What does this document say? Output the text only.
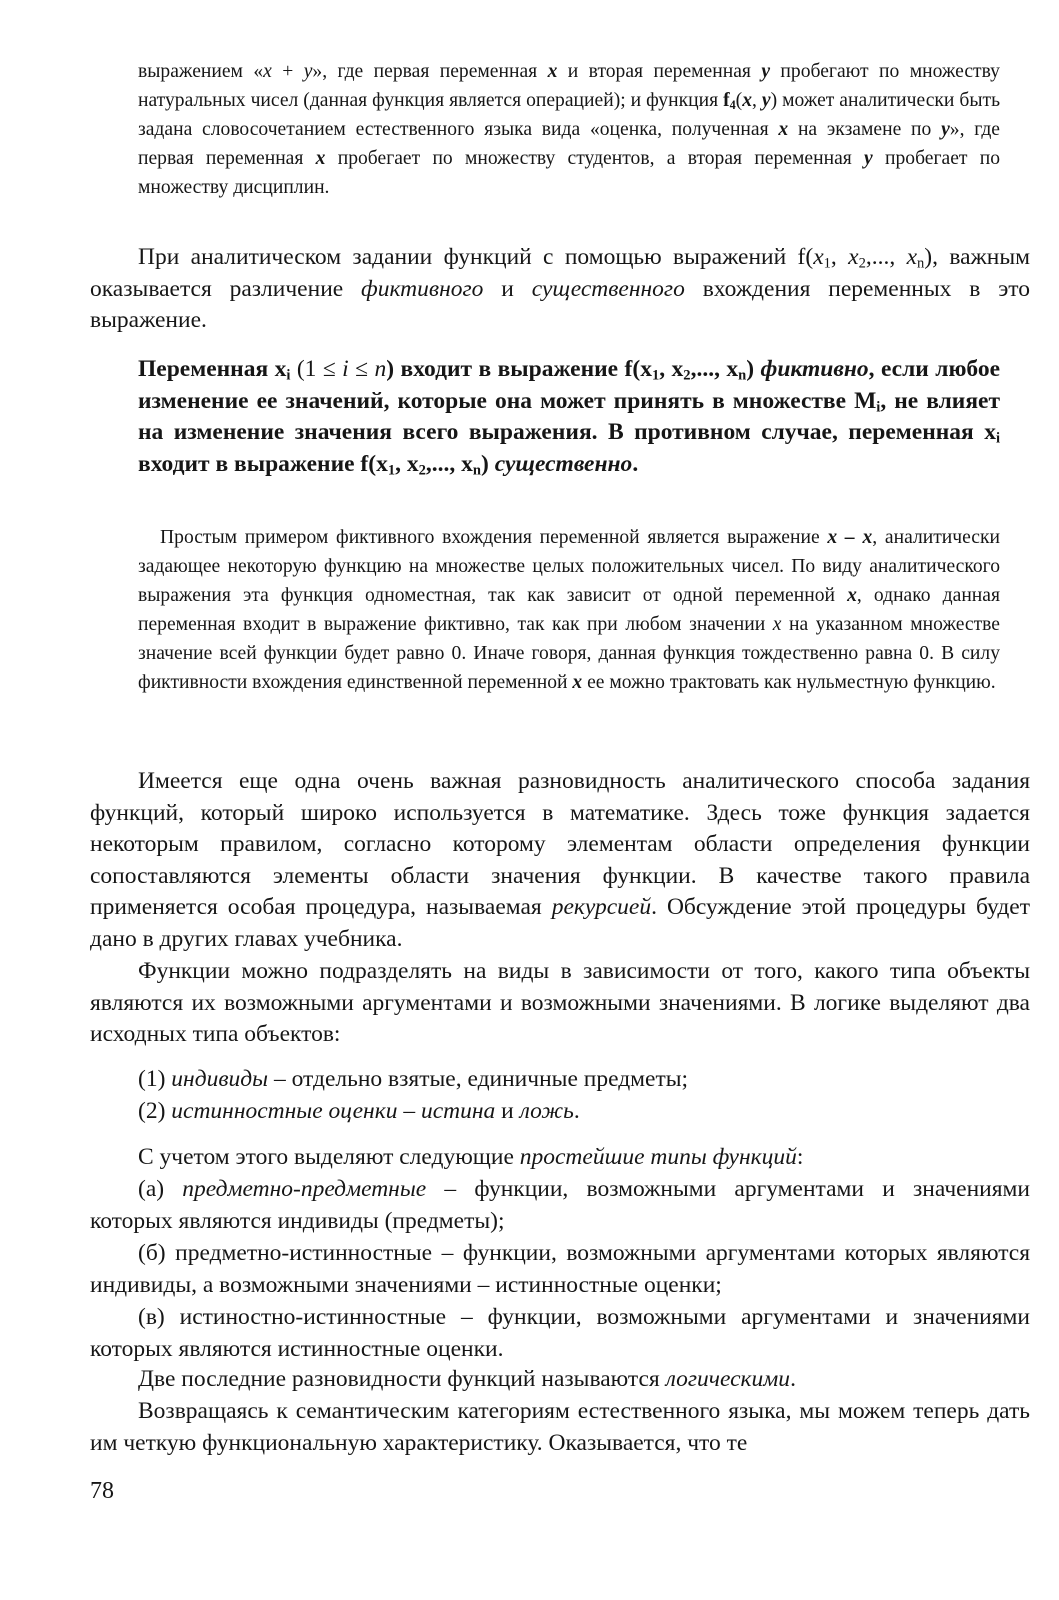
выражением «x + y», где первая переменная x и вторая переменная y пробегают по множеству натуральных чисел (данная функция является операцией); и функция $f_4(x$, y) может аналитически быть задана словосочетанием естественного языка вида «оценка, полученная x на экзамене по y», где первая переменная x пробегает по множеству студентов, а вторая переменная y пробегает по множеству дисциплин.
При аналитическом задании функций с помощью выражений $f(x_1$, $x_2$,..., $x_n$), важным оказывается различение фиктивного и существенного вхождения переменных в это выражение.
Переменная $x_i$ (1 ≤ i ≤ n) входит в выражение $f(x_1$, $x_2$,..., $x_n$) фиктивно, если любое изменение ее значений, которые она может принять в множестве $M_i$, не влияет на изменение значения всего выражения. В противном случае, переменная $x_i$ входит в выражение $f(x_1$, $x_2$,..., $x_n$) существенно.
Простым примером фиктивного вхождения переменной является выражение x – x, аналитически задающее некоторую функцию на множестве целых положительных чисел. По виду аналитического выражения эта функция одноместная, так как зависит от одной переменной x, однако данная переменная входит в выражение фиктивно, так как при любом значении x на указанном множестве значение всей функции будет равно 0. Иначе говоря, данная функция тождественно равна 0. В силу фиктивности вхождения единственной переменной x ее можно трактовать как нульместную функцию.
Имеется еще одна очень важная разновидность аналитического способа задания функций, который широко используется в математике. Здесь тоже функция задается некоторым правилом, согласно которому элементам области определения функции сопоставляются элементы области значения функции. В качестве такого правила применяется особая процедура, называемая рекурсией. Обсуждение этой процедуры будет дано в других главах учебника.
Функции можно подразделять на виды в зависимости от того, какого типа объекты являются их возможными аргументами и возможными значениями. В логике выделяют два исходных типа объектов:
(1) индивиды – отдельно взятые, единичные предметы;
(2) истинностные оценки – истина и ложь.
С учетом этого выделяют следующие простейшие типы функций:
(а) предметно-предметные – функции, возможными аргументами и значениями которых являются индивиды (предметы);
(б) предметно-истинностные – функции, возможными аргументами которых являются индивиды, а возможными значениями – истинностные оценки;
(в) истиностно-истинностные – функции, возможными аргументами и значениями которых являются истинностные оценки.
Две последние разновидности функций называются логическими.
Возвращаясь к семантическим категориям естественного языка, мы можем теперь дать им четкую функциональную характеристику. Оказывается, что те
78
